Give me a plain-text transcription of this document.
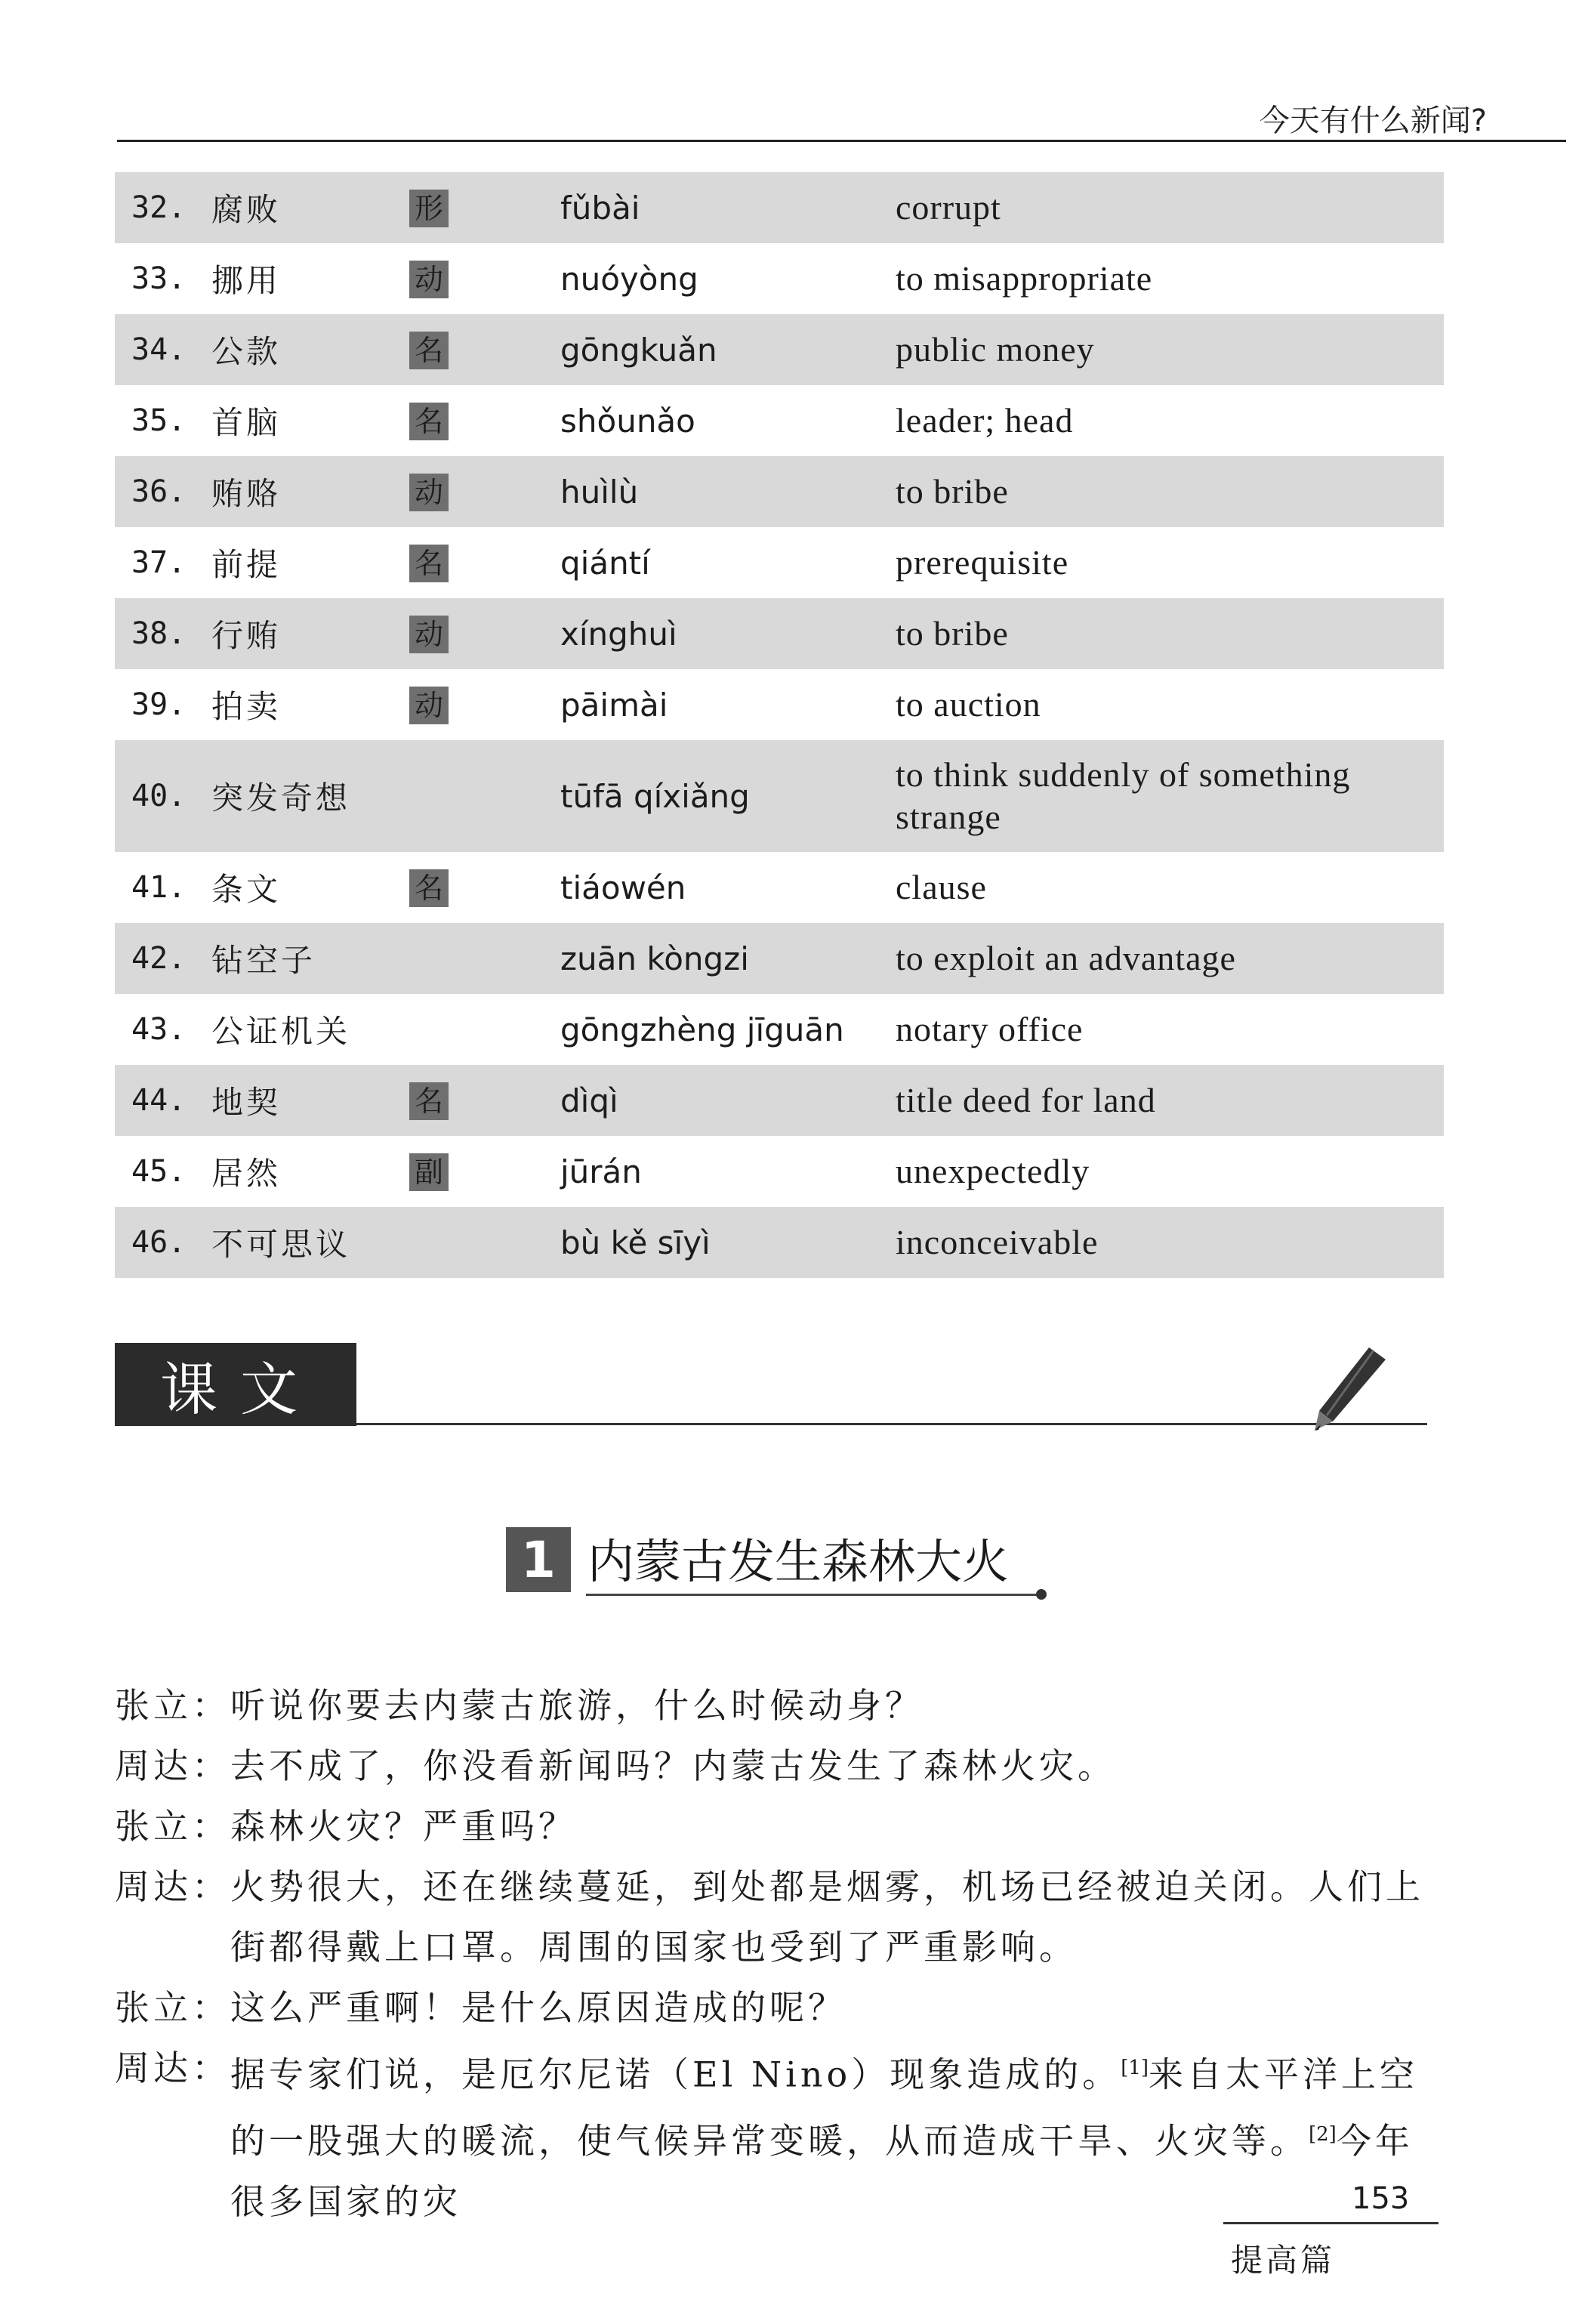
今天有什么新闻?
32. 腐败	形	fǔbài	corrupt
33. 挪用	动	nuóyòng	to misappropriate
34. 公款	名	gōngkuǎn	public money
35. 首脑	名	shǒunǎo	leader; head
36. 贿赂	动	huìlù	to bribe
37. 前提	名	qiántí	prerequisite
38. 行贿	动	xínghuì	to bribe
39. 拍卖	动	pāimài	to auction
40. 突发奇想	tūfā qíxiǎng
to think suddenly of something strange
41. 条文	名	tiáowén	clause
42. 钻空子	zuān kòngzi	to exploit an advantage
43. 公证机关	gōngzhèng jīguān	notary office
44. 地契	名	dìqì	title deed for land
45. 居然	副	jūrán	unexpectedly
46. 不可思议	bù kě sīyì	inconceivable
课文
1 内蒙古发生森林大火
张立： 听说你要去内蒙古旅游，什么时候动身？
周达： 去不成了，你没看新闻吗？内蒙古发生了森林火灾。
张立： 森林火灾？严重吗？
周达： 火势很大，还在继续蔓延，到处都是烟雾，机场已经被迫关闭。人们上街都得戴上口罩。周围的国家也受到了严重影响。
张立： 这么严重啊！是什么原因造成的呢？
周达： 据专家们说，是厄尔尼诺（El Nino）现象造成的。[1]来自太平洋上空的一股强大的暖流，使气候异常变暖，从而造成干旱、火灾等。[2]今年很多国家的灾	153
提高篇
